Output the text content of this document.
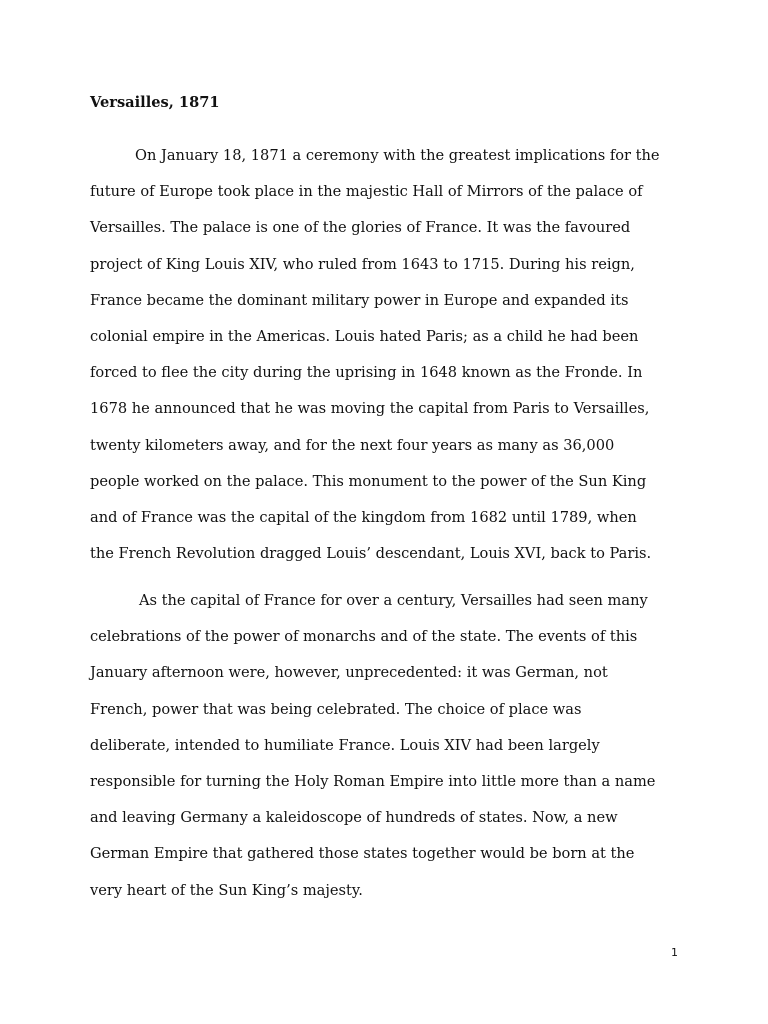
Versailles, 1871
On January 18, 1871 a ceremony with the greatest implications for the
future of Europe took place in the majestic Hall of Mirrors of the palace of
Versailles. The palace is one of the glories of France. It was the favoured
project of King Louis XIV, who ruled from 1643 to 1715. During his reign,
France became the dominant military power in Europe and expanded its
colonial empire in the Americas. Louis hated Paris; as a child he had been
forced to flee the city during the uprising in 1648 known as the Fronde. In
1678 he announced that he was moving the capital from Paris to Versailles,
twenty kilometers away, and for the next four years as many as 36,000
people worked on the palace. This monument to the power of the Sun King
and of France was the capital of the kingdom from 1682 until 1789, when
the French Revolution dragged Louis’ descendant, Louis XVI, back to Paris.
As the capital of France for over a century, Versailles had seen many
celebrations of the power of monarchs and of the state. The events of this
January afternoon were, however, unprecedented: it was German, not
French, power that was being celebrated. The choice of place was
deliberate, intended to humiliate France. Louis XIV had been largely
responsible for turning the Holy Roman Empire into little more than a name
and leaving Germany a kaleidoscope of hundreds of states. Now, a new
German Empire that gathered those states together would be born at the
very heart of the Sun King’s majesty.
1
